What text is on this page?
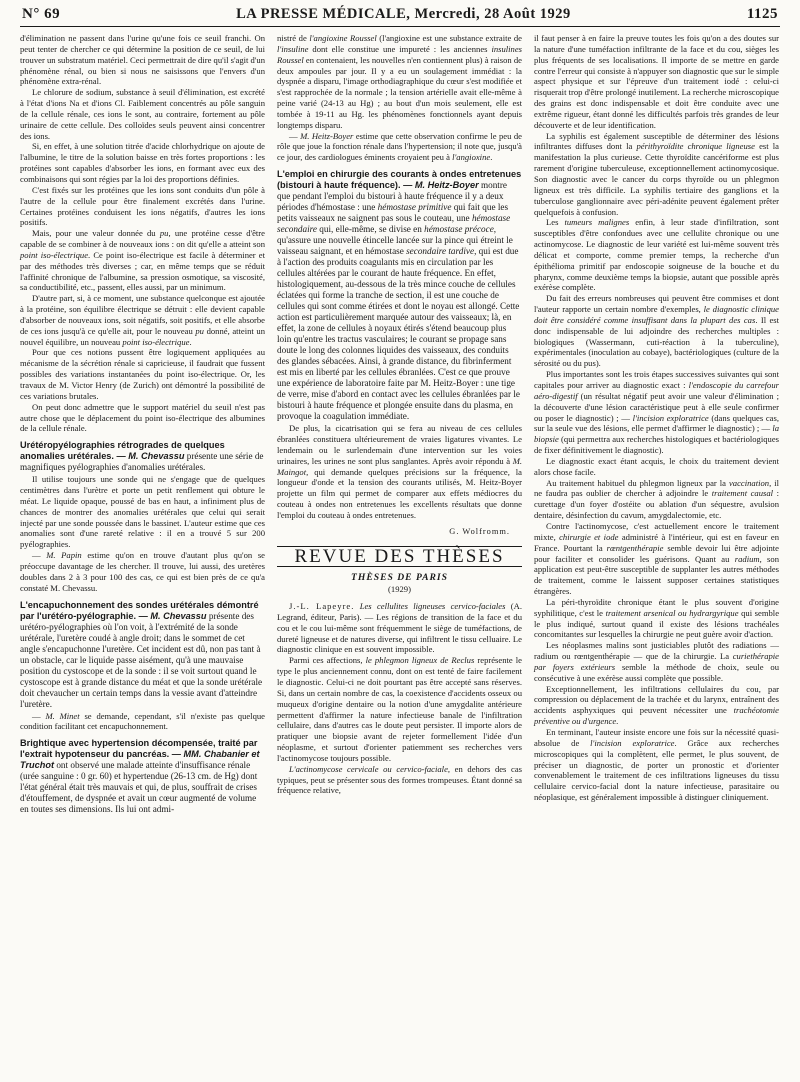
N° 69	LA PRESSE MÉDICALE, Mercredi, 28 Août 1929	1125

d'élimination ne passent dans l'urine qu'une fois ce seuil franchi. On peut tenter de chercher ce qui détermine la position de ce seuil, de lui trouver un substratum matériel. Ceci permettrait de dire qu'il s'agit d'un phénomène rénal, ou bien si nous ne saisissons que l'envers d'un phénomène extra-rénal.

Le chlorure de sodium, substance à seuil d'élimination, est excrété à l'état d'ions Na et d'ions Cl. Faiblement concentrés au pôle sanguin de la cellule rénale, ces ions le sont, au contraire, fortement au pôle urinaire de cette cellule. Des colloïdes seuls peuvent ainsi concentrer des ions.

Si, en effet, à une solution titrée d'acide chlorhydrique on ajoute de l'albumine, le titre de la solution baisse en très fortes proportions : les protéines sont capables d'absorber les ions, en formant avec eux des combinaisons qui sont régies par la loi des proportions définies.

C'est fixés sur les protéines que les ions sont conduits d'un pôle à l'autre de la cellule pour être finalement excrétés dans l'urine. Certaines protéines conduisent les ions négatifs, d'autres les ions positifs.

Mais, pour une valeur donnée du pu, une protéine cesse d'être capable de se combiner à de nouveaux ions : on dit qu'elle a atteint son point iso-électrique. Ce point iso-électrique est facile à déterminer et par des méthodes très diverses ; car, en même temps que se réduit l'affinité chronique de l'albumine, sa pression osmotique, sa viscosité, sa conductibilité, etc., passent, elles aussi, par un minimum.

D'autre part, si, à ce moment, une substance quelconque est ajoutée à la protéine, son équilibre électrique se détruit : elle devient capable d'absorber de nouveaux ions, soit négatifs, soit positifs, et elle absorbe de ces ions jusqu'à ce qu'elle ait, pour le nouveau pu donné, atteint un nouvel équilibre, un nouveau point iso-électrique.

Pour que ces notions pussent être logiquement appliquées au mécanisme de la sécrétion rénale si capricieuse, il faudrait que fussent possibles des variations instantanées du point iso-électrique. Or, les travaux de M. Victor Henry (de Zurich) ont démontré la possibilité de ces variations brutales.

On peut donc admettre que le support matériel du seuil n'est pas autre chose que le déplacement du point iso-électrique des albumines de la cellule rénale.

Urétéropyélographies rétrogrades de quelques anomalies urétérales. — M. Chevassu présente une série de magnifiques pyélographies d'anomalies urétérales.

Il utilise toujours une sonde qui ne s'engage que de quelques centimètres dans l'urètre et porte un petit renflement qui obture le méat. Le liquide opaque, poussé de bas en haut, a infiniment plus de chances de montrer des anomalies urétérales que celui qui serait injecté par une sonde poussée dans le bassinet. L'auteur estime que ces anomalies sont d'une rareté relative : il en a trouvé 5 sur 200 pyélographies.

— M. Papin estime qu'on en trouve d'autant plus qu'on se préoccupe davantage de les chercher. Il trouve, lui aussi, des uretères doubles dans 2 à 3 pour 100 des cas, ce qui est bien près de ce qu'a constaté M. Chevassu.

L'encapuchonnement des sondes urétérales démontré par l'urétéro-pyélographie. — M. Chevassu présente des urétéro-pyélographies où l'on voit, à l'extrémité de la sonde urétérale, l'uretère coudé à angle droit; dans le sommet de cet angle s'encapuchonne l'uretère. Cet incident est dû, non pas tant à un obstacle, car le liquide passe aisément, qu'à une mauvaise position du cystoscope et de la sonde : il se voit surtout quand le cystoscope est à grande distance du méat et que la sonde urétérale doit chevaucher un certain temps dans la vessie avant d'atteindre l'uretère.

— M. Minet se demande, cependant, s'il n'existe pas quelque condition facilitant cet encapuchonnement.

Brightique avec hypertension décompensée, traité par l'extrait hypotenseur du pancréas. — MM. Chabanier et Truchot ont observé une malade atteinte d'insuffisance rénale (urée sanguine : 0 gr. 60) et hypertendue (26-13 cm. de Hg) dont l'état général était très mauvais et qui, de plus, souffrait de crises d'étouffement, de dyspnée et avait un cœur augmenté de volume en toutes ses dimensions. Ils lui ont admi-

nistré de l'angioxine Roussel (l'angioxine est une substance extraite de l'insuline dont elle constitue une impureté : les anciennes insulines Roussel en contenaient, les nouvelles n'en contiennent plus) à raison de deux ampoules par jour. Il y a eu un soulagement immédiat : la dyspnée a disparu, l'image orthodiagraphique du cœur s'est modifiée et s'est rapprochée de la normale ; la tension artérielle avait elle-même à peine varié (24-13 au Hg) ; au bout d'un mois seulement, elle est tombée à 19-11 au Hg. les phénomènes fonctionnels ayant depuis longtemps disparu.

— M. Heitz-Boyer estime que cette observation confirme le peu de rôle que joue la fonction rénale dans l'hypertension; il note que, jusqu'à ce jour, des cardiologues éminents croyaient peu à l'angioxine.

L'emploi en chirurgie des courants à ondes entretenues (bistouri à haute fréquence). — M. Heitz-Boyer montre que pendant l'emploi du bistouri à haute fréquence il y a deux périodes d'hémostase : une hémostase primitive qui fait que les petits vaisseaux ne saignent pas sous le couteau, une hémostase secondaire qui, elle-même, se divise en hémostase précoce, qu'assure une nouvelle étincelle lancée sur la pince qui étreint le vaisseau saignant, et en hémostase secondaire tardive, qui est due à l'action des produits coagulants mis en circulation par les cellules altérées par le courant de haute fréquence. En effet, histologiquement, au-dessous de la très mince couche de cellules éclatées qui forme la tranche de section, il est une couche de cellules qui sont comme étirées et dont le noyau est allongé. Cette action est particulièrement marquée autour des vaisseaux; là, en effet, la zone de cellules à noyaux étirés s'étend beaucoup plus loin qu'entre les tractus vasculaires; le courant se propage sans doute le long des colonnes liquides des vaisseaux, des conduits des glandes sébacées. Ainsi, à grande distance, du fibrinferment est mis en liberté par les cellules ébranlées. C'est ce que prouve une expérience de laboratoire faite par M. Heitz-Boyer : une tige de verre, mise d'abord en contact avec les cellules ébranlées par le bistouri à haute fréquence et plongée ensuite dans du plasma, en provoque la coagulation immédiate.

De plus, la cicatrisation qui se fera au niveau de ces cellules ébranlées constituera ultérieurement de vraies ligatures vivantes. Le lendemain ou le surlendemain d'une intervention sur les voies urinaires, les urines ne sont plus sanglantes. Après avoir répondu à M. Maingot, qui demande quelques précisions sur la fréquence, la longueur d'onde et la tension des courants utilisés, M. Heitz-Boyer projette un film qui permet de comparer aux effets médiocres du couteau à ondes non entretenues les excellents résultats que donne l'emploi du couteau à ondes entretenues.

G. Wolfromm.
REVUE DES THÈSES
THÈSES DE PARIS
(1929)

J.-L. Lapeyre. Les cellulites ligneuses cervico-faciales (A. Legrand, éditeur, Paris). — Les régions de transition de la face et du cou et le cou lui-même sont fréquemment le siège de tuméfactions, de dureté ligneuse et de natures diverse, qui infiltrent le tissu celluaire. Le diagnostic clinique en est souvent impossible.

Parmi ces affections, le phlegmon ligneux de Reclus représente le type le plus anciennement connu, dont on est tenté de faire facilement le diagnostic. Celui-ci ne doit pourtant pas être accepté sans réserves. Si, dans un certain nombre de cas, la coexistence d'accidents osseux ou muqueux d'origine dentaire ou la notion d'une amygdalite antérieure permettent d'affirmer la nature infectieuse banale de l'infiltration cellulaire, dans d'autres cas le doute peut persister. Il importe alors de pratiquer une biopsie avant de rejeter formellement l'idée d'un néoplasme, et surtout d'orienter patiemment ses recherches vers l'actinomycose toujours possible.

L'actinomycose cervicale ou cervico-faciale, en dehors des cas typiques, peut se présenter sous des formes trompeuses. Étant donné sa fréquence relative,

il faut penser à en faire la preuve toutes les fois qu'on a des doutes sur la nature d'une tuméfaction infiltrante de la face et du cou, sièges les plus fréquents de ses localisations. Il importe de se mettre en garde contre l'erreur qui consiste à n'appuyer son diagnostic que sur le simple aspect physique et sur l'épreuve d'un traitement iodé : celui-ci risquerait trop d'être prolongé inutilement. La recherche microscopique des grains est donc indispensable et doit être conduite avec une extrême rigueur, étant donné les difficultés parfois très grandes de leur découverte et de leur identification.

La syphilis est également susceptible de déterminer des lésions infiltrantes diffuses dont la périthyroïdite chronique ligneuse est la manifestation la plus curieuse. Cette thyroïdite cancériforme est plus rarement d'origine tuberculeuse, exceptionnellement actinomycosique. Son diagnostic avec le cancer du corps thyroïde ou un phlegmon ligneux est très difficile. La syphilis tertiaire des ganglions et la tuberculose ganglionnaire avec péri-adénite peuvent également prêter quelquefois à confusion.

Les tumeurs malignes enfin, à leur stade d'infiltration, sont susceptibles d'être confondues avec une cellulite chronique ou une actinomycose. Le diagnostic de leur variété est lui-même souvent très délicat et comporte, comme premier temps, la recherche d'un épithélioma primitif par endoscopie soigneuse de la bouche et du pharynx, comme deuxième temps la biopsie, autant que possible après exérèse complète.

Du fait des erreurs nombreuses qui peuvent être commises et dont l'auteur rapporte un certain nombre d'exemples, le diagnostic clinique doit être considéré comme insuffisant dans la plupart des cas. Il est donc indispensable de lui adjoindre des recherches multiples : biologiques (Wassermann, cuti-réaction à la tuberculine), expérimentales (inoculation au cobaye), bactériologiques (culture de la sérosité ou du pus).

Plus importantes sont les trois étapes successives suivantes qui sont capitales pour arriver au diagnostic exact : l'endoscopie du carrefour aéro-digestif (un résultat négatif peut avoir une valeur d'élimination ; la découverte d'une lésion caractéristique peut à elle seule confirmer ou poser le diagnostic) ; — l'incision exploratrice (dans quelques cas, sur la seule vue des lésions, elle permet d'affirmer le diagnostic) ; — la biopsie (qui permettra aux recherches histologiques et bactériologiques de fixer définitivement le diagnostic).

Le diagnostic exact étant acquis, le choix du traitement devient alors chose facile.

Au traitement habituel du phlegmon ligneux par la vaccination, il ne faudra pas oublier de chercher à adjoindre le traitement causal : curettage d'un foyer d'ostéite ou ablation d'un séquestre, avulsion dentaire, désinfection du cavum, amygdalectomie, etc.

Contre l'actinomycose, c'est actuellement encore le traitement mixte, chirurgie et iode administré à l'intérieur, qui est en faveur en France. Pourtant la rœntgenthérapie semble devoir lui être adjointe pour faciliter et consolider les guérisons. Quant au radium, son application est peut-être susceptible de supplanter les autres méthodes de traitement, comme le laissent supposer certaines statistiques étrangères.

La péri-thyroïdite chronique étant le plus souvent d'origine syphilitique, c'est le traitement arsenical ou hydrargyrique qui semble le plus indiqué, surtout quand il existe des lésions trachéales concomitantes sur lesquelles la chirurgie ne peut guère avoir d'action.

Les néoplasmes malins sont justiciables plutôt des radiations — radium ou rœntgenthérapie — que de la chirurgie. La curiethérapie par foyers extérieurs semble la méthode de choix, seule ou consécutive à une exérèse aussi complète que possible.

Exceptionnellement, les infiltrations cellulaires du cou, par compression ou déplacement de la trachée et du larynx, entraînent des accidents asphyxiques qui peuvent nécessiter une trachéotomie préventive ou d'urgence.

En terminant, l'auteur insiste encore une fois sur la nécessité quasi-absolue de l'incision exploratrice. Grâce aux recherches microscopiques qui la complètent, elle permet, le plus souvent, de préciser un diagnostic, de porter un pronostic et d'orienter convenablement le traitement de ces infiltrations ligneuses du tissu cellulaire cervico-facial dont la nature infectieuse, parasitaire ou néoplasique, est généralement impossible à distinguer cliniquement.
